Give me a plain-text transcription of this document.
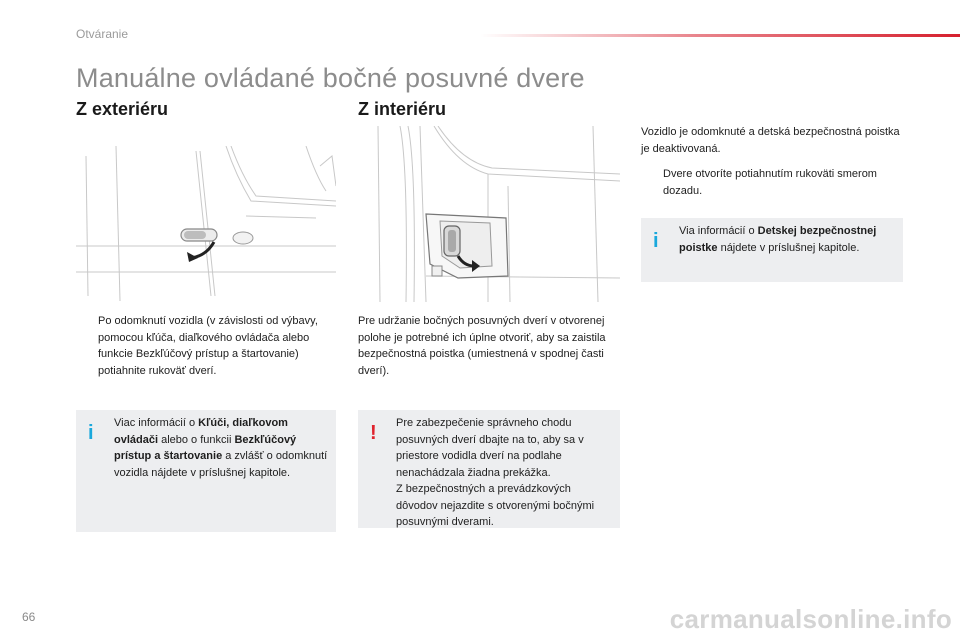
Otváranie
Manuálne ovládané bočné posuvné dvere
Z exteriéru	Z interiéru
Po odomknutí vozidla (v závislosti od výbavy, pomocou kľúča, diaľkového ovládača alebo funkcie Bezkľúčový prístup a štartovanie) potiahnite rukoväť dverí.
i Viac informácií o Kľúči, diaľkovom ovládači alebo o funkcii Bezkľúčový prístup a štartovanie a zvlášť o odomknutí vozidla nájdete v príslušnej kapitole.
Pre udržanie bočných posuvných dverí v otvorenej polohe je potrebné ich úplne otvoriť, aby sa zaistila bezpečnostná poistka (umiestnená v spodnej časti dverí).
! Pre zabezpečenie správneho chodu posuvných dverí dbajte na to, aby sa v priestore vodidla dverí na podlahe nenachádzala žiadna prekážka.
Z bezpečnostných a prevádzkových dôvodov nejazdite s otvorenými bočnými posuvnými dverami.
Vozidlo je odomknuté a detská bezpečnostná poistka je deaktivovaná.
Dvere otvoríte potiahnutím rukoväti smerom dozadu.
i Via informácií o Detskej bezpečnostnej poistke nájdete v príslušnej kapitole.
66	carmanualsonline.info
